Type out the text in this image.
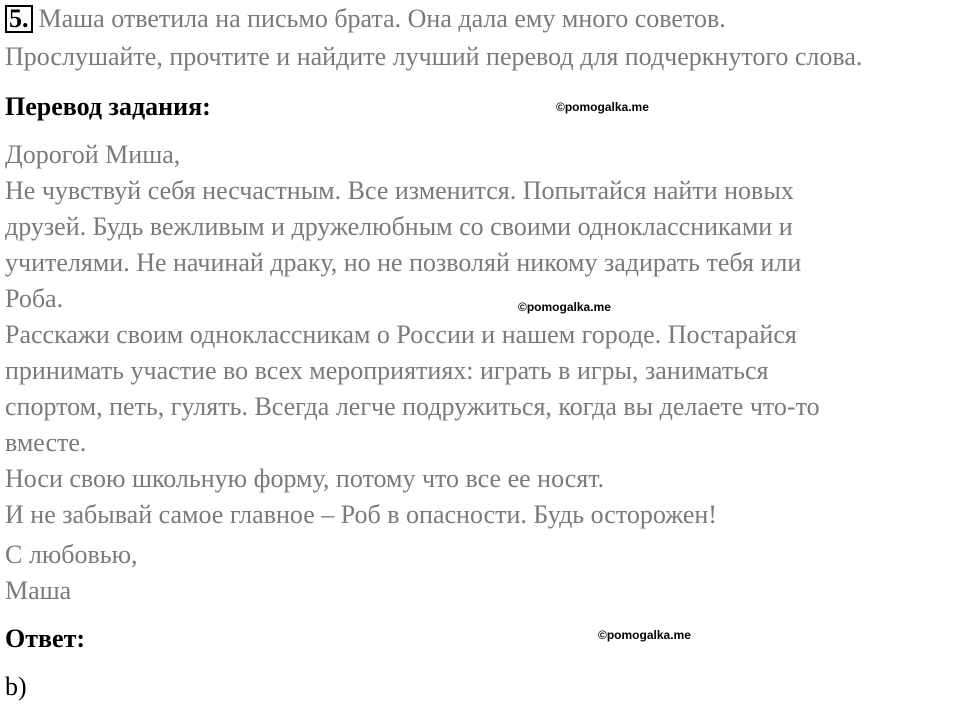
5. Маша ответила на письмо брата. Она дала ему много советов.
Прослушайте, прочтите и найдите лучший перевод для подчеркнутого слова.
Перевод задания:	©pomogalka.me
Дорогой Миша,
Не чувствуй себя несчастным. Все изменится. Попытайся найти новых
друзей. Будь вежливым и дружелюбным со своими одноклассниками и
учителями. Не начинай драку, но не позволяй никому задирать тебя или
Роба.	©pomogalka.me
Расскажи своим одноклассникам о России и нашем городе. Постарайся
принимать участие во всех мероприятиях: играть в игры, заниматься
спортом, петь, гулять. Всегда легче подружиться, когда вы делаете что-то
вместе.
Носи свою школьную форму, потому что все ее носят.
И не забывай самое главное – Роб в опасности. Будь осторожен!
С любовью,
Маша
Ответ:	©pomogalka.me
b)
